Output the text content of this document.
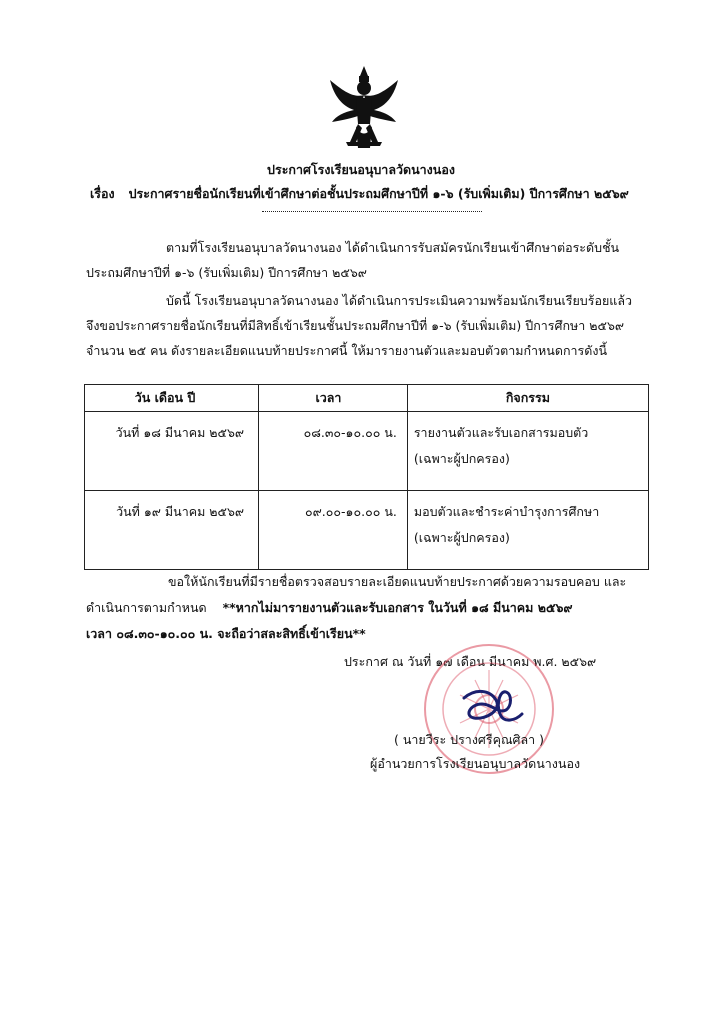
ประกาศโรงเรียนอนุบาลวัดนางนอง
เรื่อง ประกาศรายชื่อนักเรียนที่เข้าศึกษาต่อชั้นประถมศึกษาปีที่ ๑-๖ (รับเพิ่มเติม) ปีการศึกษา ๒๕๖๙
ตามที่โรงเรียนอนุบาลวัดนางนอง ได้ดำเนินการรับสมัครนักเรียนเข้าศึกษาต่อระดับชั้นประถมศึกษาปีที่ ๑-๖ (รับเพิ่มเติม) ปีการศึกษา ๒๕๖๙
บัดนี้ โรงเรียนอนุบาลวัดนางนอง ได้ดำเนินการประเมินความพร้อมนักเรียนเรียบร้อยแล้ว จึงขอประกาศรายชื่อนักเรียนที่มีสิทธิ์เข้าเรียนชั้นประถมศึกษาปีที่ ๑-๖ (รับเพิ่มเติม) ปีการศึกษา ๒๕๖๙ จำนวน ๒๕ คน ดังรายละเอียดแนบท้ายประกาศนี้ ให้มารายงานตัวและมอบตัวตามกำหนดการดังนี้
วัน เดือน ปี	เวลา	กิจกรรม
วันที่ ๑๘ มีนาคม ๒๕๖๙	๐๘.๓๐-๑๐.๐๐ น.	รายงานตัวและรับเอกสารมอบตัว
(เฉพาะผู้ปกครอง)

วันที่ ๑๙ มีนาคม ๒๕๖๙	๐๙.๐๐-๑๐.๐๐ น.	มอบตัวและชำระค่าบำรุงการศึกษา
(เฉพาะผู้ปกครอง)
ขอให้นักเรียนที่มีรายชื่อตรวจสอบรายละเอียดแนบท้ายประกาศด้วยความรอบคอบ และดำเนินการตามกำหนด **หากไม่มารายงานตัวและรับเอกสาร ในวันที่ ๑๘ มีนาคม ๒๕๖๙
เวลา ๐๘.๓๐-๑๐.๐๐ น. จะถือว่าสละสิทธิ์เข้าเรียน**
ประกาศ ณ วันที่ ๑๗ เดือน มีนาคม พ.ศ. ๒๕๖๙
( นายวีระ ปรางศรีคุณศิลา )
ผู้อำนวยการโรงเรียนอนุบาลวัดนางนอง
